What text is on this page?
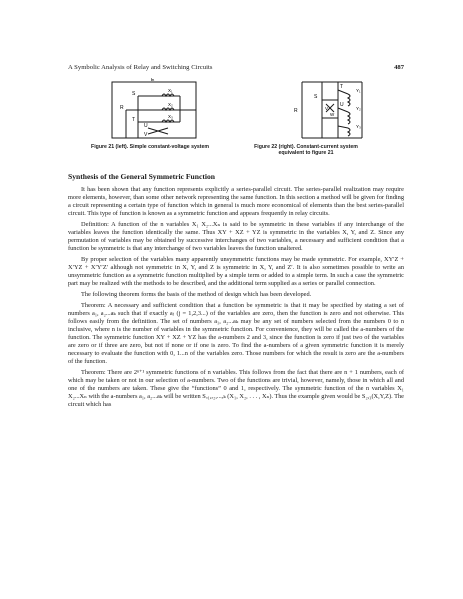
A Symbolic Analysis of Relay and Switching Circuits	487
E
S
R
T
U
V
X₁
X₂
X₃
R
S
T
U
V
W
Y₁
Y₂
Y₃
Figure 21 (left). Simple constant-voltage system	Figure 22 (right). Constant-current system equivalent to figure 21
Synthesis of the General Symmetric Function

It has been shown that any function represents explicitly a series-parallel circuit. The series-parallel realization may require more elements, however, than some other network representing the same function. In this section a method will be given for finding a circuit representing a certain type of function which in general is much more economical of elements than the best series-parallel circuit. This type of function is known as a symmetric function and appears frequently in relay circuits.

Definition: A function of the n variables X₁ X₂...Xₙ is said to be symmetric in these variables if any interchange of the variables leaves the function identically the same. Thus XY + XZ + YZ is symmetric in the variables X, Y, and Z. Since any permutation of variables may be obtained by successive interchanges of two variables, a necessary and sufficient condition that a function be symmetric is that any interchange of two variables leaves the function unaltered.

By proper selection of the variables many apparently unsymmetric functions may be made symmetric. For example, XY′Z + X′YZ + X′Y′Z′ although not symmetric in X, Y, and Z is symmetric in X, Y, and Z′. It is also sometimes possible to write an unsymmetric function as a symmetric function multiplied by a simple term or added to a simple term. In such a case the symmetric part may be realized with the methods to be described, and the additional term supplied as a series or parallel connection.

The following theorem forms the basis of the method of design which has been developed.

Theorem: A necessary and sufficient condition that a function be symmetric is that it may be specified by stating a set of numbers a₁, a₂...aₖ such that if exactly aⱼ (j = 1,2,3...) of the variables are zero, then the function is zero and not otherwise. This follows easily from the definition. The set of numbers a₁, a₂...aₖ may be any set of numbers selected from the numbers 0 to n inclusive, where n is the number of variables in the symmetric function. For convenience, they will be called the a-numbers of the function. The symmetric function XY + XZ + YZ has the a-numbers 2 and 3, since the function is zero if just two of the variables are zero or if three are zero, but not if none or if one is zero. To find the a-numbers of a given symmetric function it is merely necessary to evaluate the function with 0, 1...n of the variables zero. Those numbers for which the result is zero are the a-numbers of the function.

Theorem: There are 2ⁿ⁺¹ symmetric functions of n variables. This follows from the fact that there are n + 1 numbers, each of which may be taken or not in our selection of a-numbers. Two of the functions are trivial, however, namely, those in which all and one of the numbers are taken. These give the “functions” 0 and 1, respectively. The symmetric function of the n variables X₁ X₂...Xₙ with the a-numbers a₁, a₂...aₖ will be written Sₐ₁,ₐ₂,...ₐₖ (X₁, X₂, . . . , Xₙ). Thus the example given would be S₂,₃(X,Y,Z). The circuit which has
